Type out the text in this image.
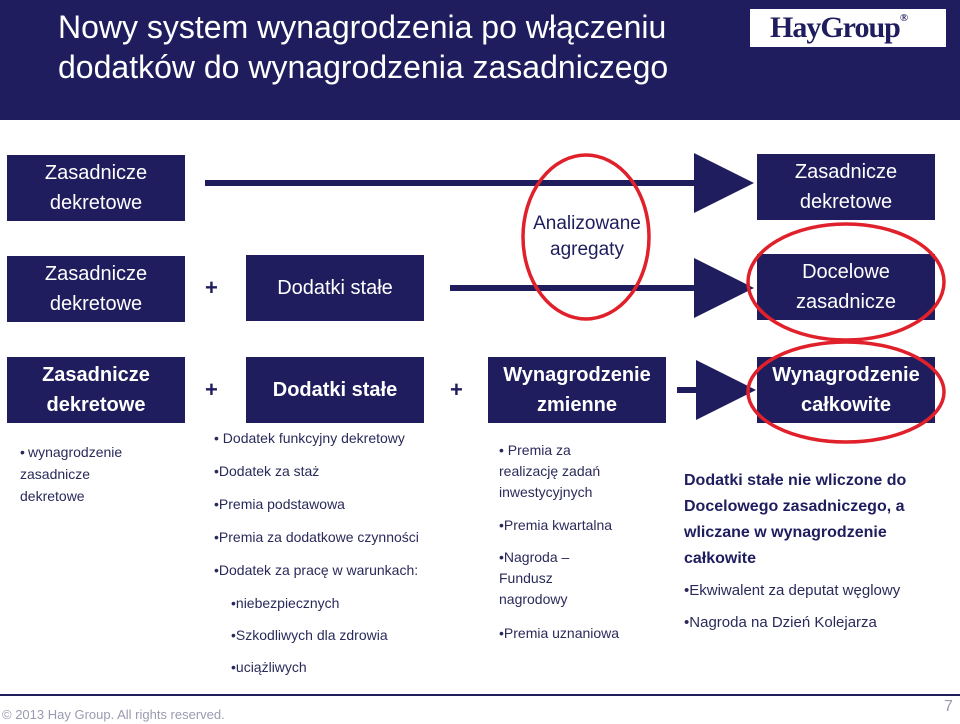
Nowy system wynagrodzenia po włączeniu
dodatków do wynagrodzenia zasadniczego
HayGroup®
Zasadnicze
dekretowe
Zasadnicze
dekretowe
Zasadnicze
dekretowe
+	Dodatki stałe
Analizowane
agregaty
Docelowe
zasadnicze
Zasadnicze
dekretowe
+	Dodatki stałe +
Wynagrodzenie
zmienne
Wynagrodzenie
całkowite
• wynagrodzenie
zasadnicze
dekretowe
• Dodatek funkcyjny dekretowy
•Dodatek za staż
•Premia podstawowa
•Premia za dodatkowe czynności
•Dodatek za pracę w warunkach:
•niebezpiecznych
•Szkodliwych dla zdrowia
•uciążliwych
• Premia za
realizację zadań
inwestycyjnych
•Premia kwartalna
•Nagroda –
Fundusz
nagrodowy
•Premia uznaniowa
Dodatki stałe nie wliczone do
Docelowego zasadniczego, a
wliczane w wynagrodzenie
całkowite
•Ekwiwalent za deputat węglowy
•Nagroda na Dzień Kolejarza
© 2013 Hay Group. All rights reserved.	7
